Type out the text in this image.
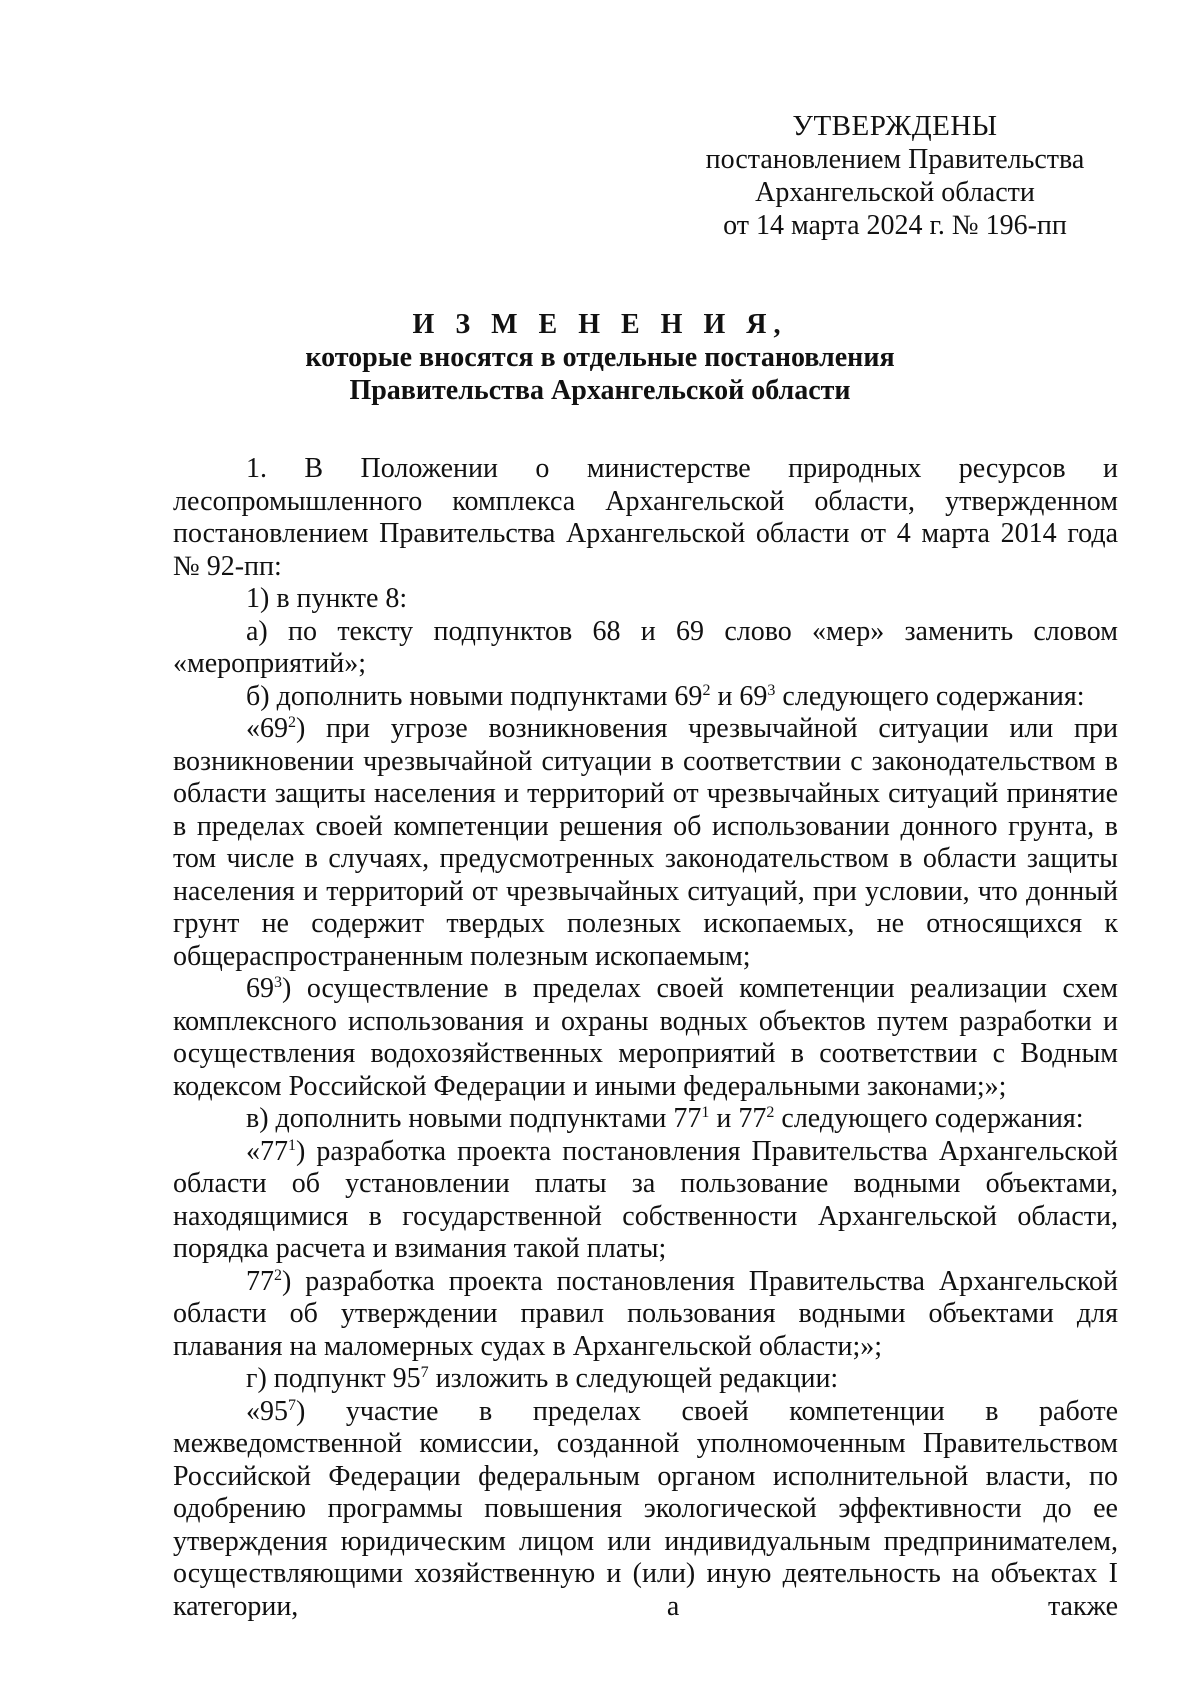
УТВЕРЖДЕНЫ
постановлением Правительства
Архангельской области
от 14 марта 2024 г. № 196-пп
И З М Е Н Е Н И Я,
которые вносятся в отдельные постановления
Правительства Архангельской области

1. В Положении о министерстве природных ресурсов и лесопромышленного комплекса Архангельской области, утвержденном постановлением Правительства Архангельской области от 4 марта 2014 года № 92-пп:

1) в пункте 8:

а) по тексту подпунктов 68 и 69 слово «мер» заменить словом «мероприятий»;

б) дополнить новыми подпунктами $69^2$ и $69^3$ следующего содержания:

«$69^2$) при угрозе возникновения чрезвычайной ситуации или при возникновении чрезвычайной ситуации в соответствии с законодательством в области защиты населения и территорий от чрезвычайных ситуаций принятие в пределах своей компетенции решения об использовании донного грунта, в том числе в случаях, предусмотренных законодательством в области защиты населения и территорий от чрезвычайных ситуаций, при условии, что донный грунт не содержит твердых полезных ископаемых, не относящихся к общераспространенным полезным ископаемым;

$69^3$) осуществление в пределах своей компетенции реализации схем комплексного использования и охраны водных объектов путем разработки и осуществления водохозяйственных мероприятий в соответствии с Водным кодексом Российской Федерации и иными федеральными законами;»;

в) дополнить новыми подпунктами $77^1$ и $77^2$ следующего содержания:

«$77^1$) разработка проекта постановления Правительства Архангельской области об установлении платы за пользование водными объектами, находящимися в государственной собственности Архангельской области, порядка расчета и взимания такой платы;

$77^2$) разработка проекта постановления Правительства Архангельской области об утверждении правил пользования водными объектами для плавания на маломерных судах в Архангельской области;»;

г) подпункт $95^7$ изложить в следующей редакции:

«$95^7$) участие в пределах своей компетенции в работе межведомственной комиссии, созданной уполномоченным Правительством Российской Федерации федеральным органом исполнительной власти, по одобрению программы повышения экологической эффективности до ее утверждения юридическим лицом или индивидуальным предпринимателем, осуществляющими хозяйственную и (или) иную деятельность на объектах I категории, а также
